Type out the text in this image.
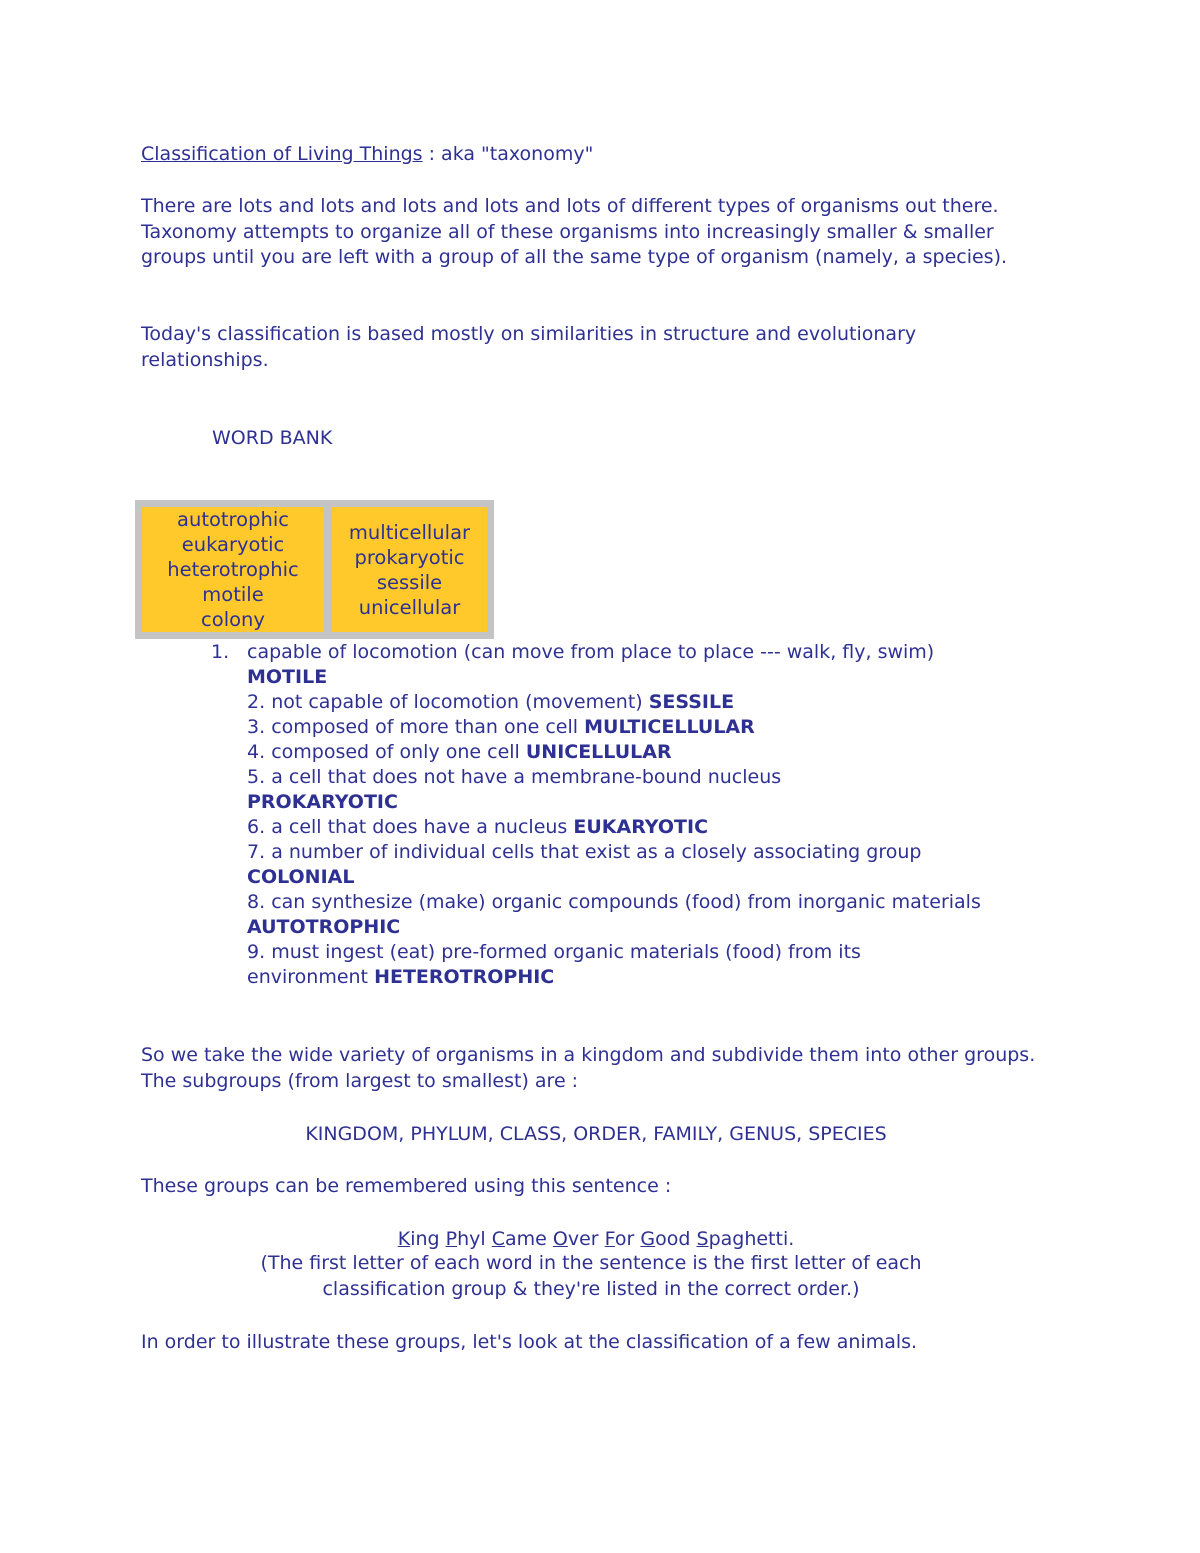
Classification of Living Things : aka "taxonomy"
There are lots and lots and lots and lots and lots of different types of organisms out there. Taxonomy attempts to organize all of these organisms into increasingly smaller & smaller groups until you are left with a group of all the same type of organism (namely, a species).
Today's classification is based mostly on similarities in structure and evolutionary relationships.
WORD BANK
autotrophic
eukaryotic
heterotrophic
motile
colony
multicellular
prokaryotic
sessile
unicellular
1. capable of locomotion (can move from place to place --- walk, fly, swim) MOTILE
2. not capable of locomotion (movement) SESSILE
3. composed of more than one cell MULTICELLULAR
4. composed of only one cell UNICELLULAR
5. a cell that does not have a membrane-bound nucleus PROKARYOTIC
6. a cell that does have a nucleus EUKARYOTIC
7. a number of individual cells that exist as a closely associating group COLONIAL
8. can synthesize (make) organic compounds (food) from inorganic materials AUTOTROPHIC
9. must ingest (eat) pre-formed organic materials (food) from its environment HETEROTROPHIC
So we take the wide variety of organisms in a kingdom and subdivide them into other groups. The subgroups (from largest to smallest) are :
KINGDOM, PHYLUM, CLASS, ORDER, FAMILY, GENUS, SPECIES
These groups can be remembered using this sentence :
King Phyl Came Over For Good Spaghetti.
(The first letter of each word in the sentence is the first letter of each classification group & they're listed in the correct order.)
In order to illustrate these groups, let's look at the classification of a few animals.
